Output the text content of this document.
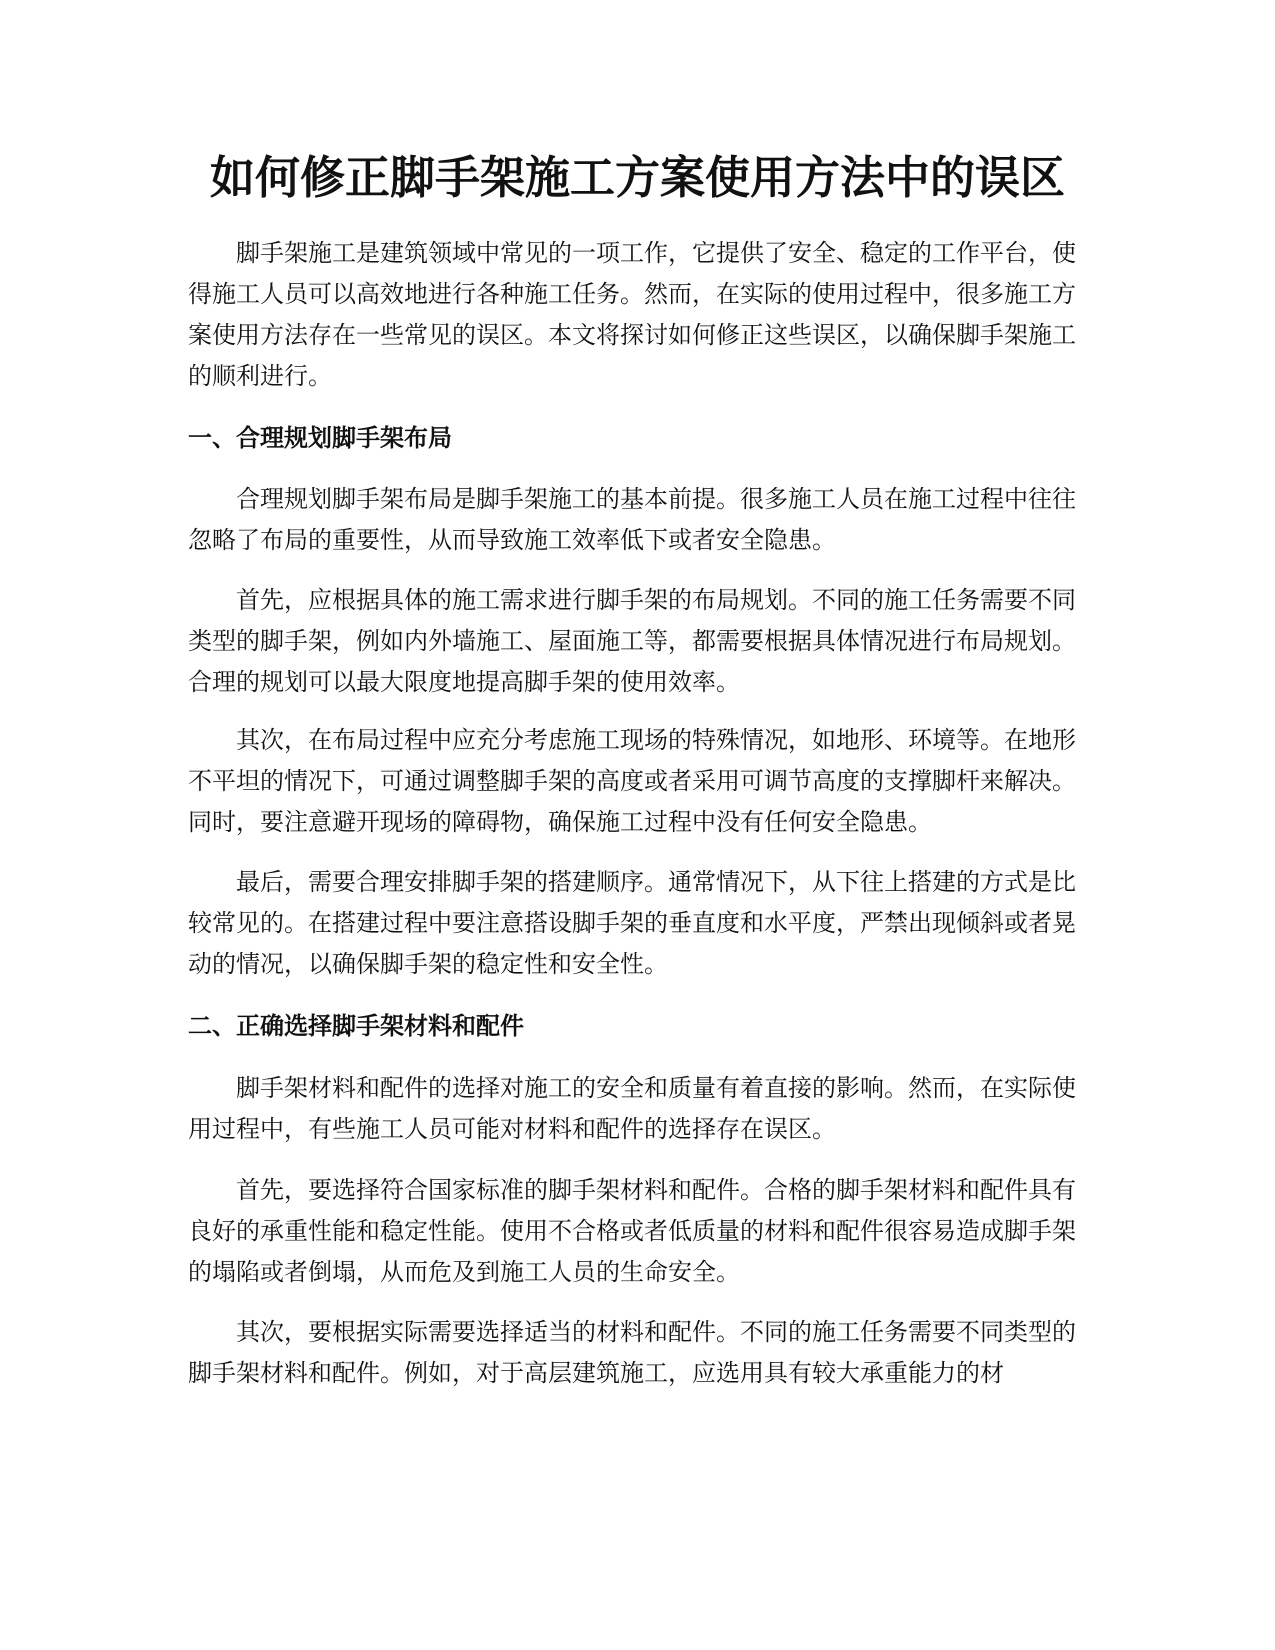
如何修正脚手架施工方案使用方法中的误区

脚手架施工是建筑领域中常见的一项工作，它提供了安全、稳定的工作平台，使得施工人员可以高效地进行各种施工任务。然而，在实际的使用过程中，很多施工方案使用方法存在一些常见的误区。本文将探讨如何修正这些误区，以确保脚手架施工的顺利进行。

一、合理规划脚手架布局

合理规划脚手架布局是脚手架施工的基本前提。很多施工人员在施工过程中往往忽略了布局的重要性，从而导致施工效率低下或者安全隐患。

首先，应根据具体的施工需求进行脚手架的布局规划。不同的施工任务需要不同类型的脚手架，例如内外墙施工、屋面施工等，都需要根据具体情况进行布局规划。合理的规划可以最大限度地提高脚手架的使用效率。

其次，在布局过程中应充分考虑施工现场的特殊情况，如地形、环境等。在地形不平坦的情况下，可通过调整脚手架的高度或者采用可调节高度的支撑脚杆来解决。同时，要注意避开现场的障碍物，确保施工过程中没有任何安全隐患。

最后，需要合理安排脚手架的搭建顺序。通常情况下，从下往上搭建的方式是比较常见的。在搭建过程中要注意搭设脚手架的垂直度和水平度，严禁出现倾斜或者晃动的情况，以确保脚手架的稳定性和安全性。

二、正确选择脚手架材料和配件

脚手架材料和配件的选择对施工的安全和质量有着直接的影响。然而，在实际使用过程中，有些施工人员可能对材料和配件的选择存在误区。

首先，要选择符合国家标准的脚手架材料和配件。合格的脚手架材料和配件具有良好的承重性能和稳定性能。使用不合格或者低质量的材料和配件很容易造成脚手架的塌陷或者倒塌，从而危及到施工人员的生命安全。

其次，要根据实际需要选择适当的材料和配件。不同的施工任务需要不同类型的脚手架材料和配件。例如，对于高层建筑施工，应选用具有较大承重能力的材
